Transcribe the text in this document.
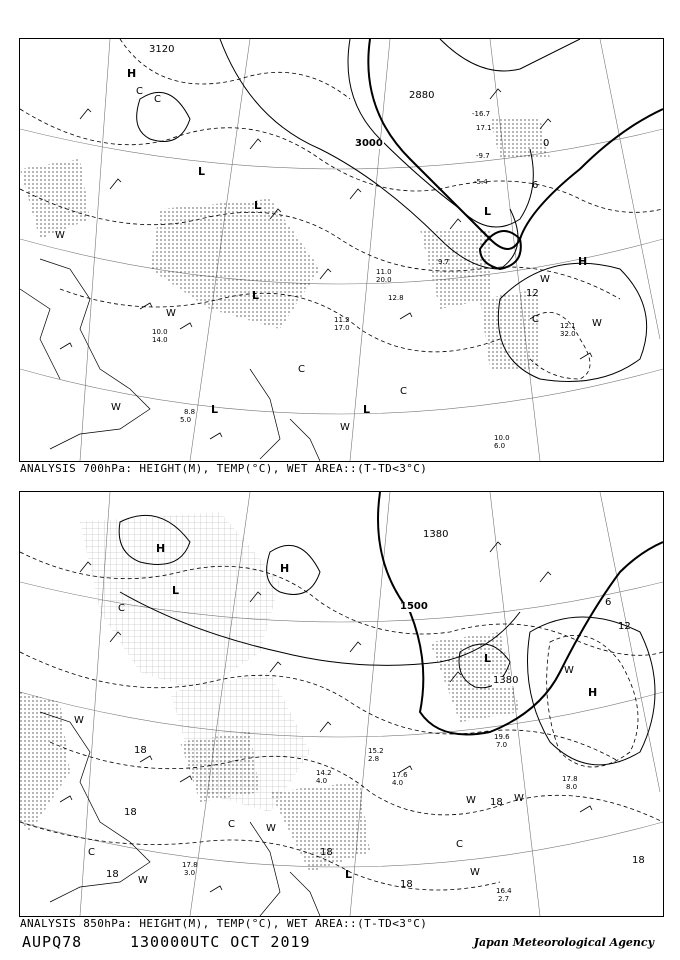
3120
2880
3000
H
L
L
L
H
L
L
L
C
C
W
W
W
W
C
C
W
W
C
0
6
12
8.8
5.0
10.0
6.0
11.2
17.0	12.1
32.0
10.0
14.0
-16.7
17.1
-9.7
-5.4
11.0
20.0
9.7
12.8
ANALYSIS 700hPa: HEIGHT(M), TEMP(°C), WET AREA::(T-TD<3°C)
1380
1500
1380
H
H
L
L
H
L
C
W
C	W
W	W
C
W
W
C
W
18
18
18
18
18
6
12
18
18
17.6
4.0
19.6
7.0
17.8
8.0
16.4
2.7
17.8
3.0
14.2
4.0
15.2
2.8
ANALYSIS 850hPa: HEIGHT(M), TEMP(°C), WET AREA::(T-TD<3°C)
AUPQ78	130000UTC OCT 2019	Japan Meteorological Agency
